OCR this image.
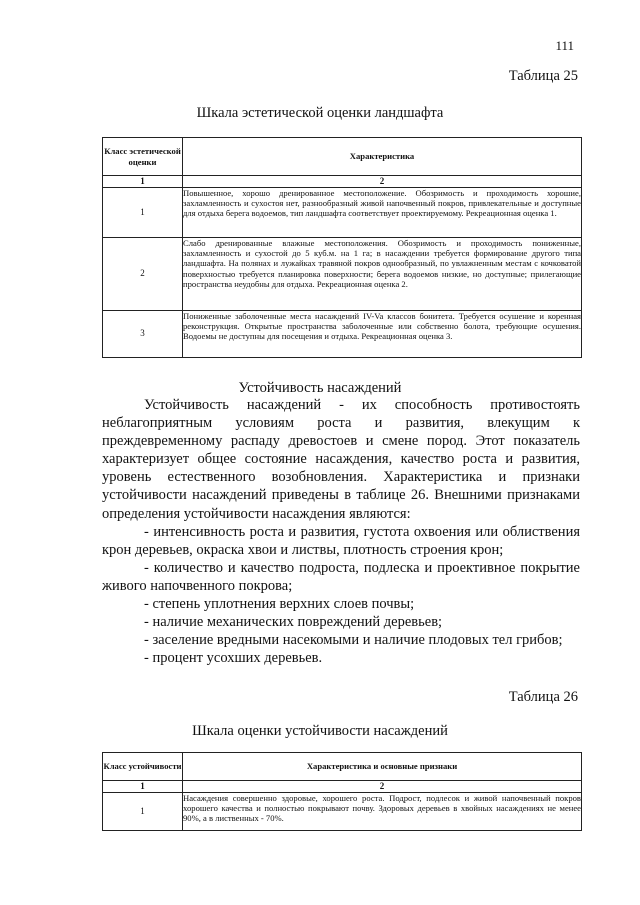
111
Таблица 25
Шкала эстетической оценки ландшафта
Класс эстетической оценки	Характеристика
1	2
1	Повышенное, хорошо дренированное местоположение. Обозримость и проходимость хорошие, захламленность и сухостоя нет, разнообразный живой напочвенный покров, привлекательные и доступные для отдыха берега водоемов, тип ландшафта соответствует проектируемому. Рекреационная оценка 1.
2	Слабо дренированные влажные местоположения. Обозримость и проходимость пониженные, захламленность и сухостой до 5 куб.м. на 1 га; в насаждении требуется формирование другого типа ландшафта. На полянах и лужайках травяной покров однообразный, по увлажненным местам с кочковатой поверхностью требуется планировка поверхности; берега водоемов низкие, но доступные; прилегающие пространства неудобны для отдыха. Рекреационная оценка 2.
3	Пониженные заболоченные места насаждений IV-Va классов бонитета. Требуется осушение и коренная реконструкция. Открытые пространства заболоченные или собственно болота, требующие осушения. Водоемы не доступны для посещения и отдыха. Рекреационная оценка 3.
Устойчивость насаждений

Устойчивость насаждений - их способность противостоять неблагоприятным условиям роста и развития, влекущим к преждевременному распаду древостоев и смене пород. Этот показатель характеризует общее состояние насаждения, качество роста и развития, уровень естественного возобновления. Характеристика и признаки устойчивости насаждений приведены в таблице 26. Внешними признаками определения устойчивости насаждения являются:

- интенсивность роста и развития, густота охвоения или облиствения крон деревьев, окраска хвои и листвы, плотность строения крон;

- количество и качество подроста, подлеска и проективное покрытие живого напочвенного покрова;

- степень уплотнения верхних слоев почвы;

- наличие механических повреждений деревьев;

- заселение вредными насекомыми и наличие плодовых тел грибов;

- процент усохших деревьев.

Таблица 26
Шкала оценки устойчивости насаждений
Класс устойчивости	Характеристика и основные признаки
1	2
1	Насаждения совершенно здоровые, хорошего роста. Подрост, подлесок и живой напочвенный покров хорошего качества и полностью покрывают почву. Здоровых деревьев в хвойных насаждениях не менее 90%, а в лиственных - 70%.
